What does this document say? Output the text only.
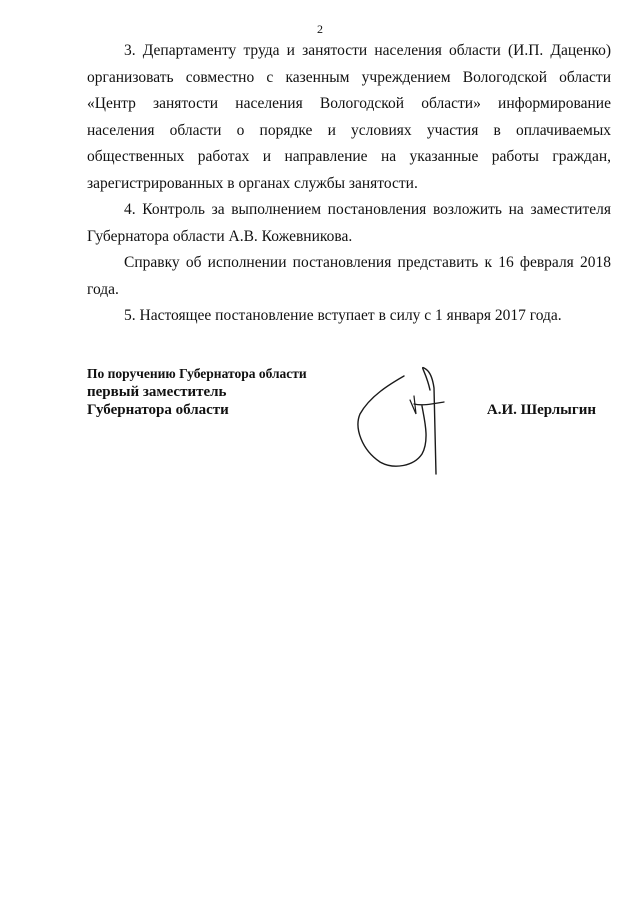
2

3. Департаменту труда и занятости населения области (И.П. Даценко) организовать совместно с казенным учреждением Вологодской области «Центр занятости населения Вологодской области» информирование населения области о порядке и условиях участия в оплачиваемых общественных работах и направление на указанные работы граждан, зарегистрированных в органах службы занятости.

4. Контроль за выполнением постановления возложить на заместителя Губернатора области А.В. Кожевникова.

Справку об исполнении постановления представить к 16 февраля 2018 года.

5. Настоящее постановление вступает в силу с 1 января 2017 года.

По поручению Губернатора области
первый заместитель
Губернатора области	А.И. Шерлыгин
